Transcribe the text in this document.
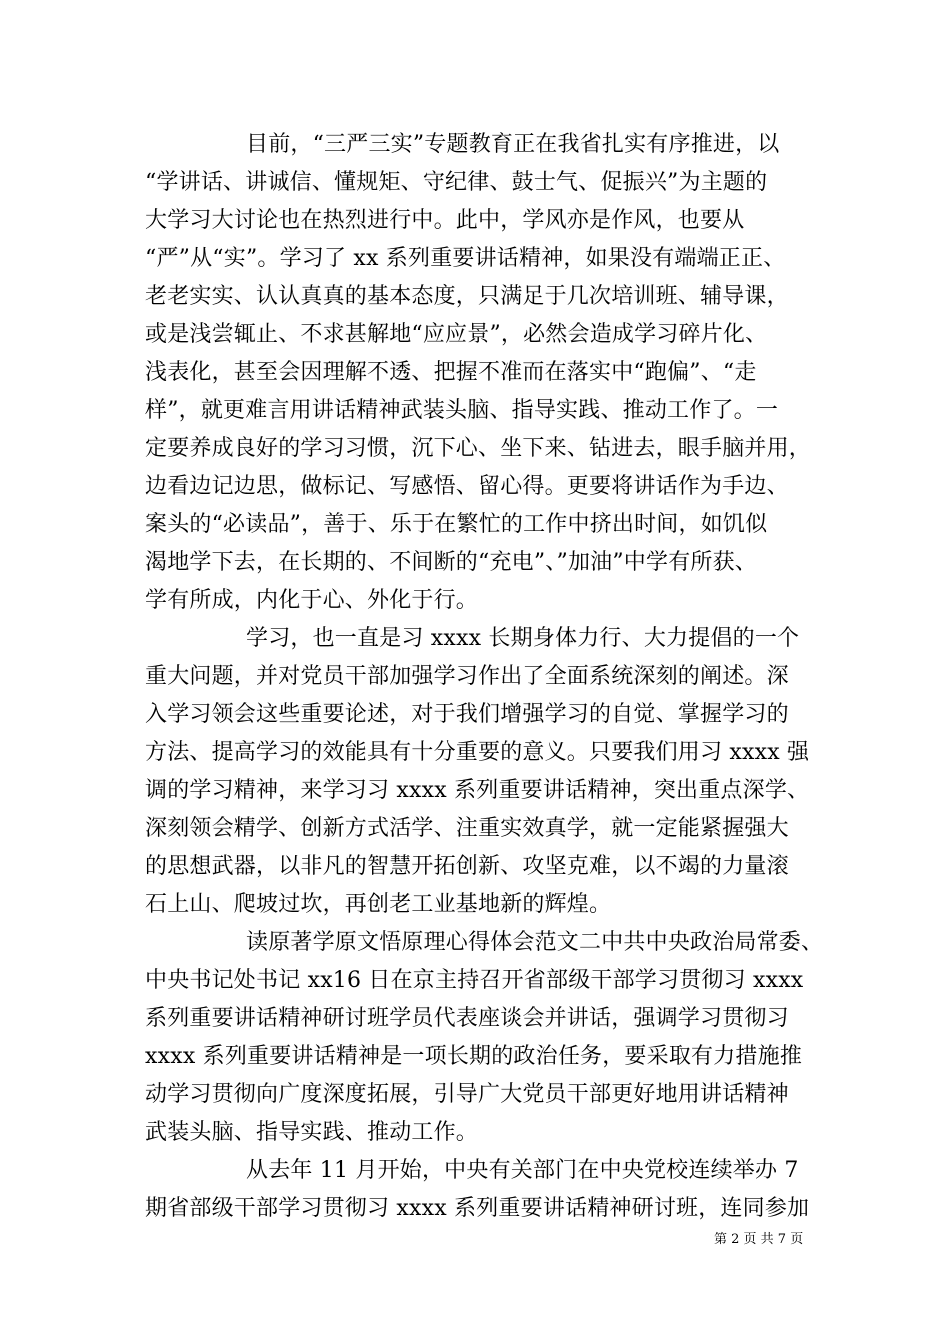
目前，“三严三实”专题教育正在我省扎实有序推进，以
“学讲话、讲诚信、懂规矩、守纪律、鼓士气、促振兴”为主题的
大学习大讨论也在热烈进行中。此中，学风亦是作风，也要从
“严”从“实”。学习了 xx 系列重要讲话精神，如果没有端端正正、
老老实实、认认真真的基本态度，只满足于几次培训班、辅导课，
或是浅尝辄止、不求甚解地“应应景”，必然会造成学习碎片化、
浅表化，甚至会因理解不透、把握不准而在落实中“跑偏”、“走
样”，就更难言用讲话精神武装头脑、指导实践、推动工作了。一
定要养成良好的学习习惯，沉下心、坐下来、钻进去，眼手脑并用，
边看边记边思，做标记、写感悟、留心得。更要将讲话作为手边、
案头的“必读品”，善于、乐于在繁忙的工作中挤出时间，如饥似
渴地学下去，在长期的、不间断的“充电”、”加油”中学有所获、
学有所成，内化于心、外化于行。
学习，也一直是习 xxxx 长期身体力行、大力提倡的一个
重大问题，并对党员干部加强学习作出了全面系统深刻的阐述。深
入学习领会这些重要论述，对于我们增强学习的自觉、掌握学习的
方法、提高学习的效能具有十分重要的意义。只要我们用习 xxxx 强
调的学习精神，来学习习 xxxx 系列重要讲话精神，突出重点深学、
深刻领会精学、创新方式活学、注重实效真学，就一定能紧握强大
的思想武器，以非凡的智慧开拓创新、攻坚克难，以不竭的力量滚
石上山、爬坡过坎，再创老工业基地新的辉煌。
读原著学原文悟原理心得体会范文二中共中央政治局常委、
中央书记处书记 xx16 日在京主持召开省部级干部学习贯彻习 xxxx
系列重要讲话精神研讨班学员代表座谈会并讲话，强调学习贯彻习
xxxx 系列重要讲话精神是一项长期的政治任务，要采取有力措施推
动学习贯彻向广度深度拓展，引导广大党员干部更好地用讲话精神
武装头脑、指导实践、推动工作。
从去年 11 月开始，中央有关部门在中央党校连续举办 7
期省部级干部学习贯彻习 xxxx 系列重要讲话精神研讨班，连同参加
第 2 页 共 7 页
